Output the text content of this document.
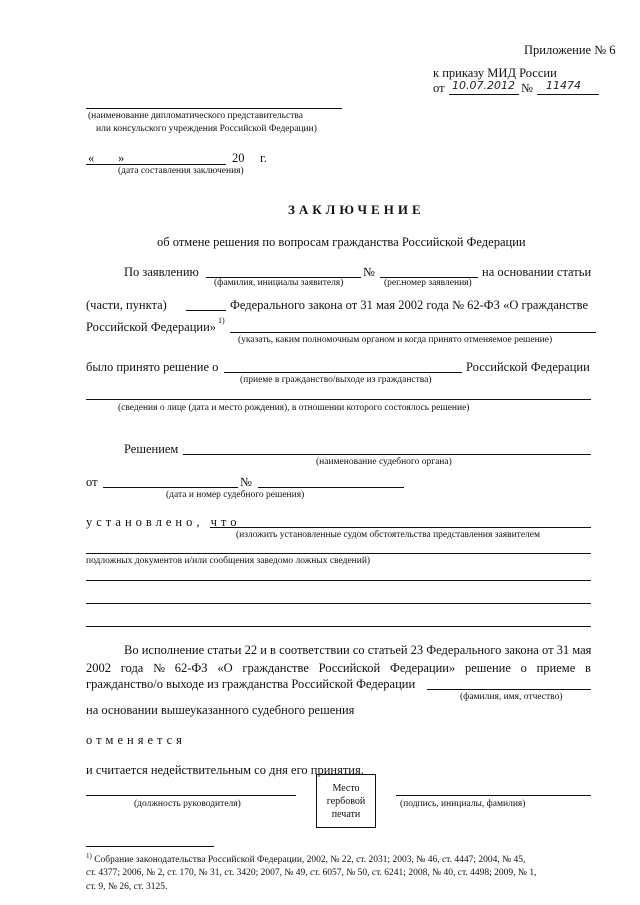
Приложение № 6
к приказу МИД России
от 10.07.2012 № 11474
(наименование дипломатического представительства
или консульского учреждения Российской Федерации)
« »	20 г.
(дата составления заключения)
ЗАКЛЮЧЕНИЕ
об отмене решения по вопросам гражданства Российской Федерации
По заявлению	№	на основании статьи
(фамилия, инициалы заявителя)	(рег.номер заявления)
(части, пункта)	Федерального закона от 31 мая 2002 года № 62-ФЗ «О гражданстве
Российской Федерации» 1)
(указать, каким полномочным органом и когда принято отменяемое решение)
было принято решение о	Российской Федерации
(приеме в гражданство/выходе из гражданства)
(сведения о лице (дата и место рождения), в отношении которого состоялось решение)
Решением
(наименование судебного органа)
от	№
(дата и номер судебного решения)
установлено, что
(изложить установленные судом обстоятельства представления заявителем
подложных документов и/или сообщения заведомо ложных сведений)
Во исполнение статьи 22 и в соответствии со статьей 23 Федерального закона от 31 мая
2002 года № 62-ФЗ «О гражданстве Российской Федерации» решение о приеме в
гражданство/о выходе из гражданства Российской Федерации
(фамилия, имя, отчество)
на основании вышеуказанного судебного решения
отменяется
и считается недействительным со дня его принятия.
(должность руководителя)
Место
гербовой
печати
(подпись, инициалы, фамилия)
$^{1)}$ Собрание законодательства Российской Федерации, 2002, № 22, ст. 2031; 2003, № 46, ст. 4447; 2004, № 45,
ст. 4377; 2006, № 2, ст. 170, № 31, ст. 3420; 2007, № 49, ст. 6057, № 50, ст. 6241; 2008, № 40, ст. 4498; 2009, № 1,
ст. 9, № 26, ст. 3125.
